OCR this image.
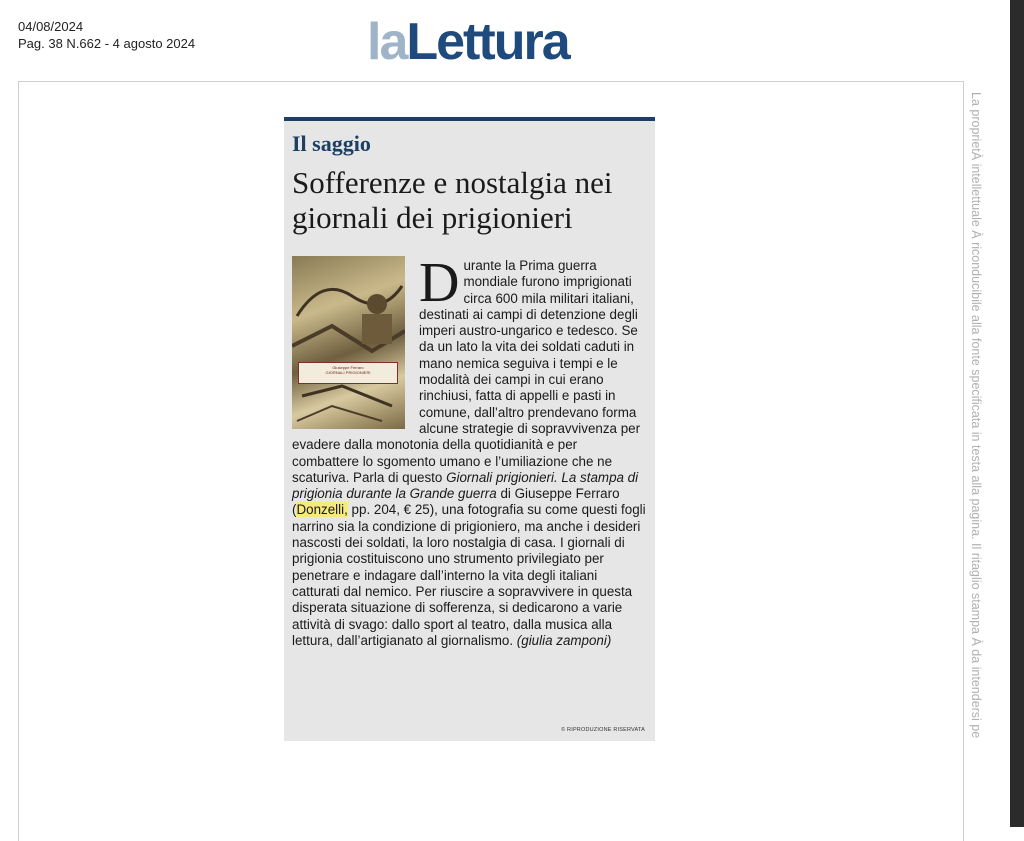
04/08/2024
Pag. 38 N.662 - 4 agosto 2024	laLettura
La proprietÀ intellettuale À riconducibile alla fonte specificata in testa alla pagina. Il ritaglio stampa À da intendersi pe
Il saggio
Sofferenze e nostalgia nei giornali dei prigionieri
Giuseppe Ferraro
GIORNALI PRIGIONIERI

D urante la Prima guerra mondiale furono imprigionati circa 600 mila militari italiani, destinati ai campi di detenzione degli imperi austro-ungarico e tedesco. Se da un lato la vita dei soldati caduti in mano nemica seguiva i tempi e le modalità dei campi in cui erano rinchiusi, fatta di appelli e pasti in comune, dall’altro prendevano forma alcune strategie di sopravvivenza per evadere dalla monotonia della quotidianità e per combattere lo sgomento umano e l’umiliazione che ne scaturiva. Parla di questo Giornali prigionieri. La stampa di prigionia durante la Grande guerra di Giuseppe Ferraro (Donzelli, pp. 204, € 25), una fotografia su come questi fogli narrino sia la condizione di prigioniero, ma anche i desideri nascosti dei soldati, la loro nostalgia di casa. I giornali di prigionia costituiscono uno strumento privilegiato per penetrare e indagare dall’interno la vita degli italiani catturati dal nemico. Per riuscire a sopravvivere in questa disperata situazione di sofferenza, si dedicarono a varie attività di svago: dallo sport al teatro, dalla musica alla lettura, dall’artigianato al giornalismo. (giulia zamponi)

© RIPRODUZIONE RISERVATA
